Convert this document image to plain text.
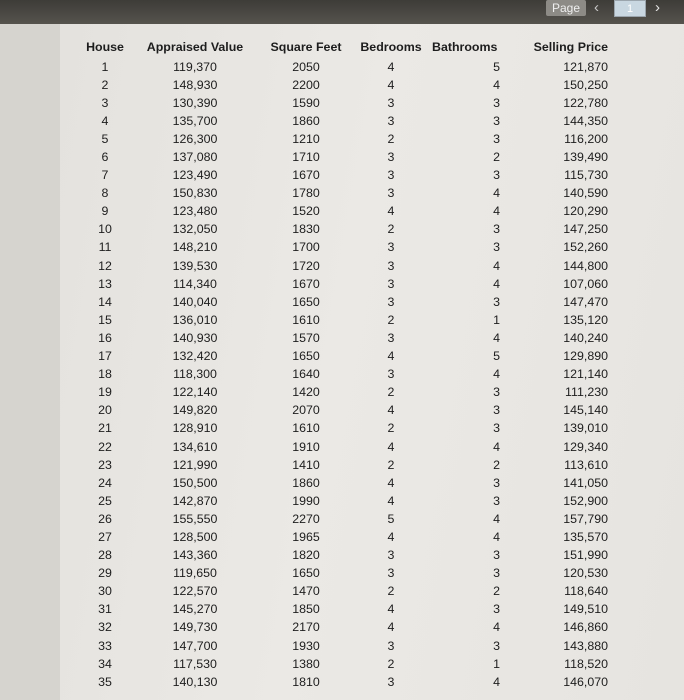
Page ‹
1	›
House	Appraised Value	Square Feet	Bedrooms	Bathrooms	Selling Price
1	119,370	2050	4	5	121,870
2	148,930	2200	4	4	150,250
3	130,390	1590	3	3	122,780
4	135,700	1860	3	3	144,350
5	126,300	1210	2	3	116,200
6	137,080	1710	3	2	139,490
7	123,490	1670	3	3	115,730
8	150,830	1780	3	4	140,590
9	123,480	1520	4	4	120,290
10	132,050	1830	2	3	147,250
11	148,210	1700	3	3	152,260
12	139,530	1720	3	4	144,800
13	114,340	1670	3	4	107,060
14	140,040	1650	3	3	147,470
15	136,010	1610	2	1	135,120
16	140,930	1570	3	4	140,240
17	132,420	1650	4	5	129,890
18	118,300	1640	3	4	121,140
19	122,140	1420	2	3	111,230
20	149,820	2070	4	3	145,140
21	128,910	1610	2	3	139,010
22	134,610	1910	4	4	129,340
23	121,990	1410	2	2	113,610
24	150,500	1860	4	3	141,050
25	142,870	1990	4	3	152,900
26	155,550	2270	5	4	157,790
27	128,500	1965	4	4	135,570
28	143,360	1820	3	3	151,990
29	119,650	1650	3	3	120,530
30	122,570	1470	2	2	118,640
31	145,270	1850	4	3	149,510
32	149,730	2170	4	4	146,860
33	147,700	1930	3	3	143,880
34	117,530	1380	2	1	118,520
35	140,130	1810	3	4	146,070
